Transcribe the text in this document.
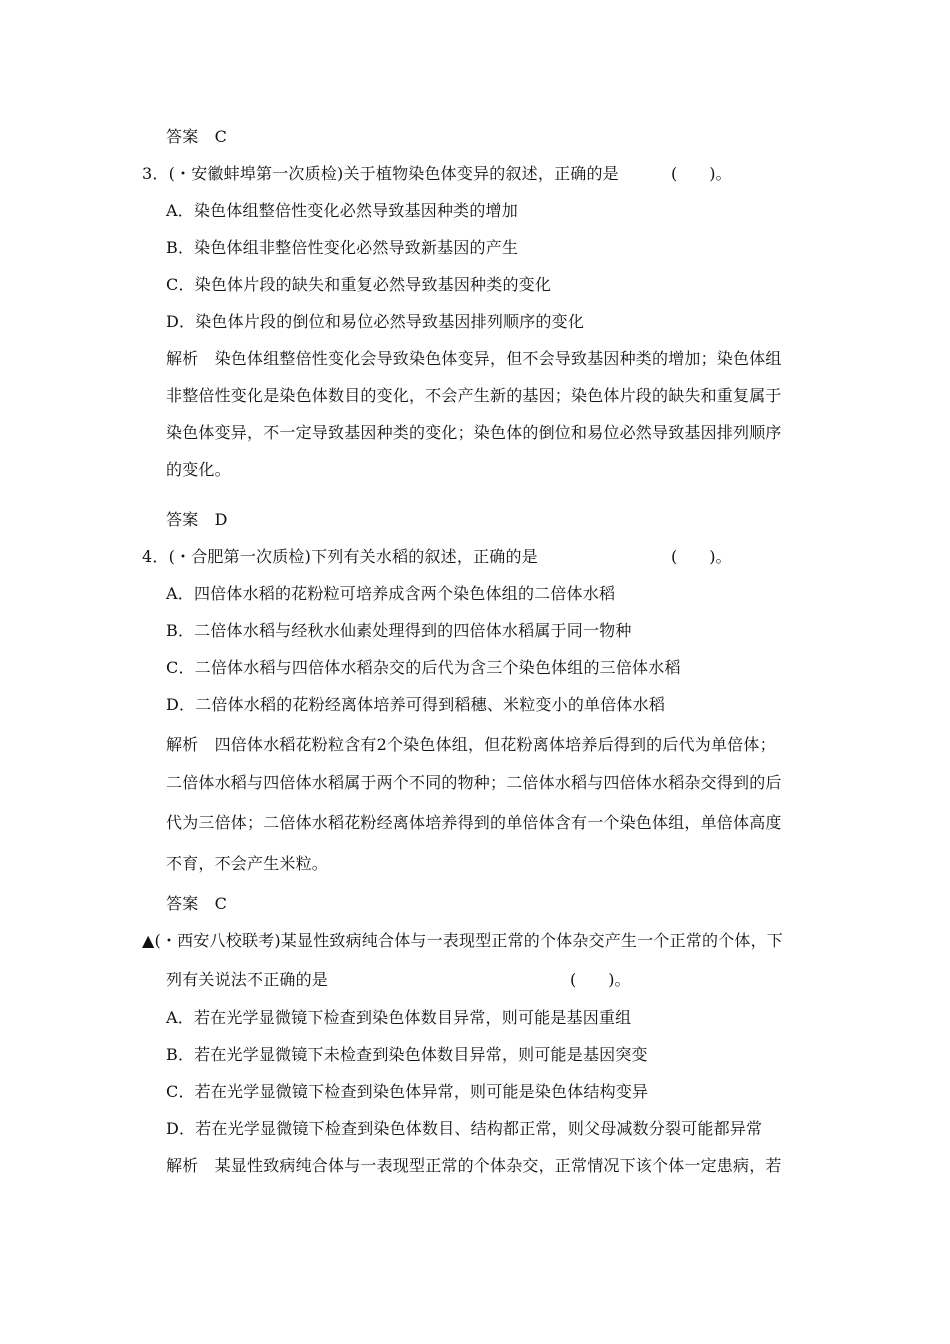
答案　C
3．(・安徽蚌埠第一次质检)关于植物染色体变异的叙述，正确的是	(　　)。
A．染色体组整倍性变化必然导致基因种类的增加
B．染色体组非整倍性变化必然导致新基因的产生
C．染色体片段的缺失和重复必然导致基因种类的变化
D．染色体片段的倒位和易位必然导致基因排列顺序的变化
解析　染色体组整倍性变化会导致染色体变异，但不会导致基因种类的增加；染色体组
非整倍性变化是染色体数目的变化，不会产生新的基因；染色体片段的缺失和重复属于
染色体变异，不一定导致基因种类的变化；染色体的倒位和易位必然导致基因排列顺序
的变化。
答案　D
4．(・合肥第一次质检)下列有关水稻的叙述，正确的是	(　　)。
A．四倍体水稻的花粉粒可培养成含两个染色体组的二倍体水稻
B．二倍体水稻与经秋水仙素处理得到的四倍体水稻属于同一物种
C．二倍体水稻与四倍体水稻杂交的后代为含三个染色体组的三倍体水稻
D．二倍体水稻的花粉经离体培养可得到稻穗、米粒变小的单倍体水稻
解析　四倍体水稻花粉粒含有2个染色体组，但花粉离体培养后得到的后代为单倍体；
二倍体水稻与四倍体水稻属于两个不同的物种；二倍体水稻与四倍体水稻杂交得到的后
代为三倍体；二倍体水稻花粉经离体培养得到的单倍体含有一个染色体组，单倍体高度
不育，不会产生米粒。
答案　C
▲(・西安八校联考)某显性致病纯合体与一表现型正常的个体杂交产生一个正常的个体，下
列有关说法不正确的是	(　　)。
A．若在光学显微镜下检查到染色体数目异常，则可能是基因重组
B．若在光学显微镜下未检查到染色体数目异常，则可能是基因突变
C．若在光学显微镜下检查到染色体异常，则可能是染色体结构变异
D．若在光学显微镜下检查到染色体数目、结构都正常，则父母减数分裂可能都异常
解析　某显性致病纯合体与一表现型正常的个体杂交，正常情况下该个体一定患病，若
